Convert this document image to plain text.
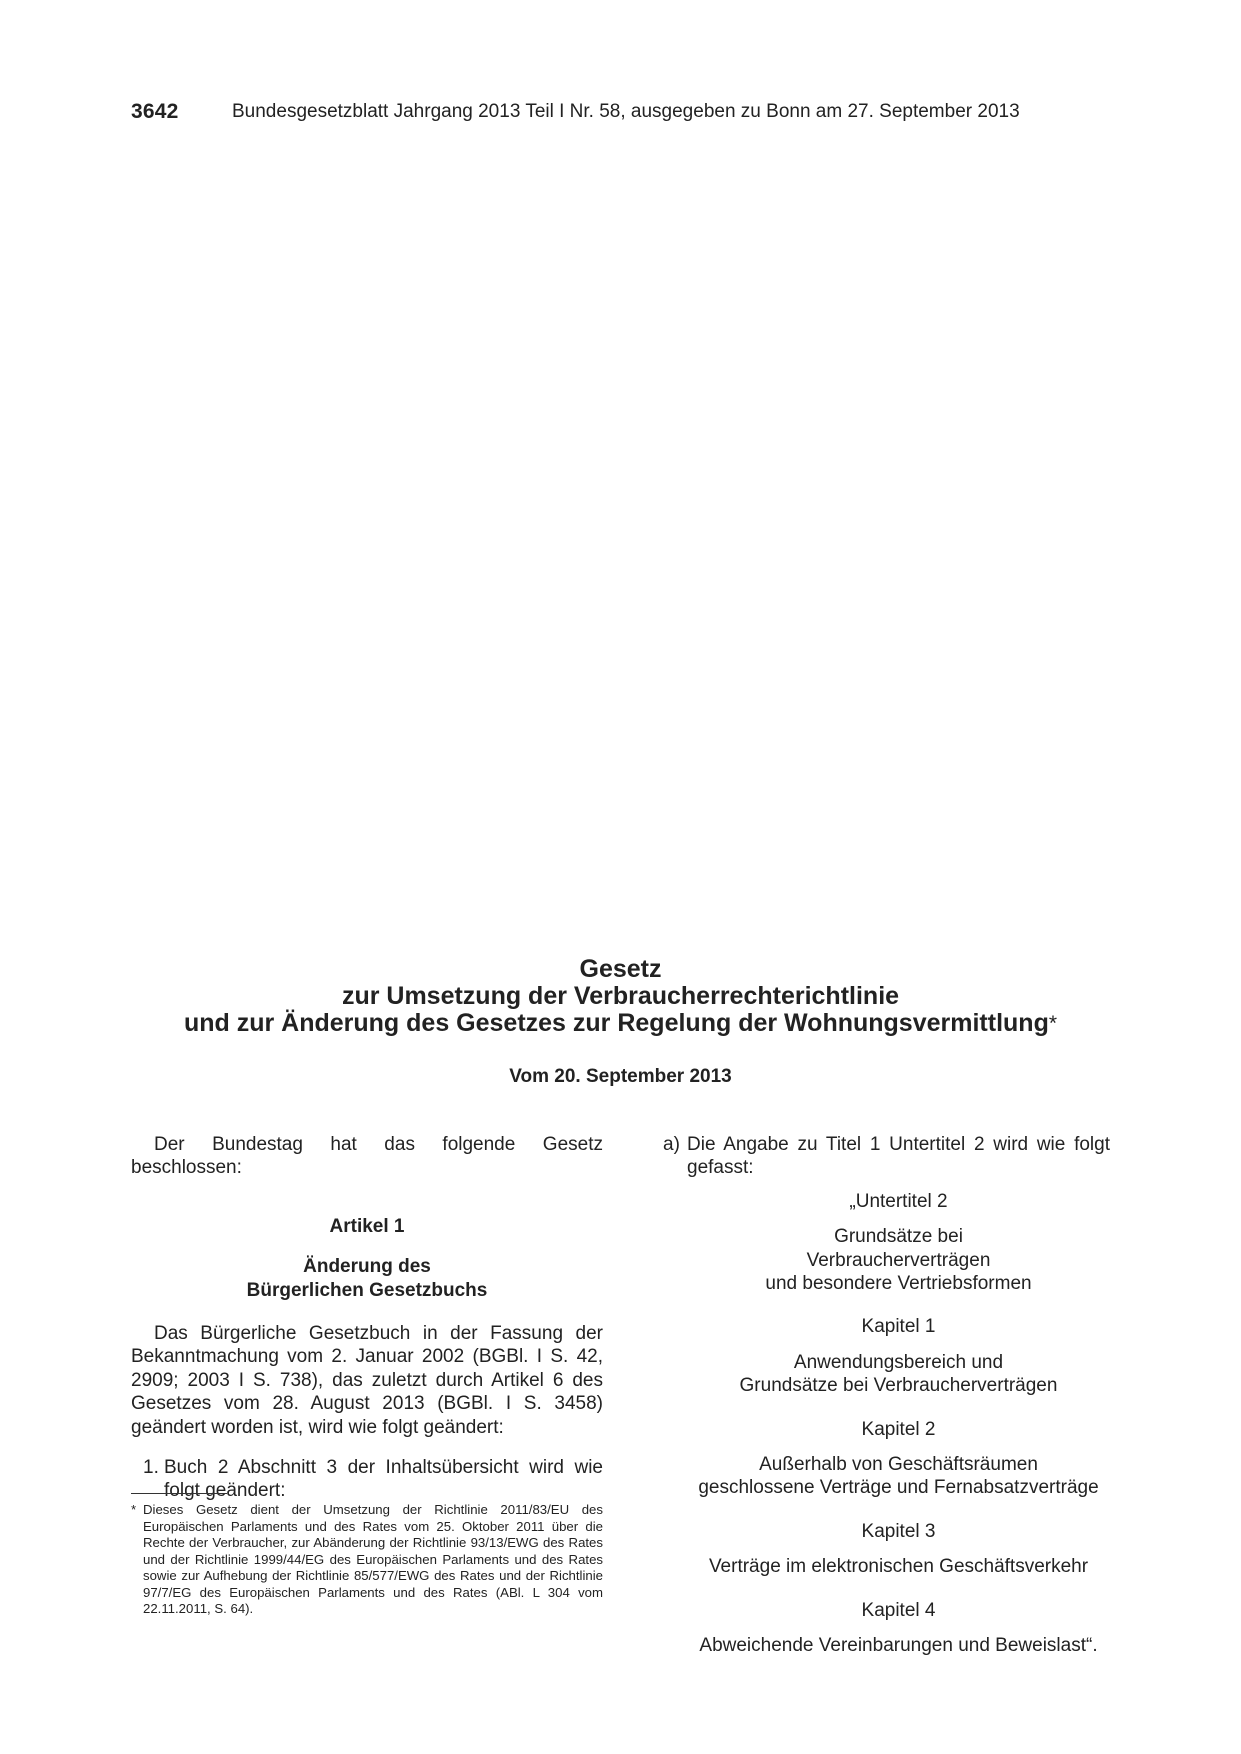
3642	Bundesgesetzblatt Jahrgang 2013 Teil I Nr. 58, ausgegeben zu Bonn am 27. September 2013
Gesetz
zur Umsetzung der Verbraucherrechterichtlinie
und zur Änderung des Gesetzes zur Regelung der Wohnungsvermittlung*
Vom 20. September 2013
Der Bundestag hat das folgende Gesetz beschlossen:
Artikel 1
Änderung des
Bürgerlichen Gesetzbuchs
Das Bürgerliche Gesetzbuch in der Fassung der Bekanntmachung vom 2. Januar 2002 (BGBl. I S. 42, 2909; 2003 I S. 738), das zuletzt durch Artikel 6 des Gesetzes vom 28. August 2013 (BGBl. I S. 3458) geändert worden ist, wird wie folgt geändert:
1. Buch 2 Abschnitt 3 der Inhaltsübersicht wird wie folgt geändert:
* Dieses Gesetz dient der Umsetzung der Richtlinie 2011/83/EU des Europäischen Parlaments und des Rates vom 25. Oktober 2011 über die Rechte der Verbraucher, zur Abänderung der Richtlinie 93/13/EWG des Rates und der Richtlinie 1999/44/EG des Europäischen Parlaments und des Rates sowie zur Aufhebung der Richtlinie 85/577/EWG des Rates und der Richtlinie 97/7/EG des Europäischen Parlaments und des Rates (ABl. L 304 vom 22.11.2011, S. 64).
a) Die Angabe zu Titel 1 Untertitel 2 wird wie folgt gefasst:
„Untertitel 2
Grundsätze bei
Verbraucherverträgen
und besondere Vertriebsformen
Kapitel 1
Anwendungsbereich und
Grundsätze bei Verbraucherverträgen
Kapitel 2
Außerhalb von Geschäftsräumen
geschlossene Verträge und Fernabsatzverträge
Kapitel 3
Verträge im elektronischen Geschäftsverkehr
Kapitel 4
Abweichende Vereinbarungen und Beweislast“.
